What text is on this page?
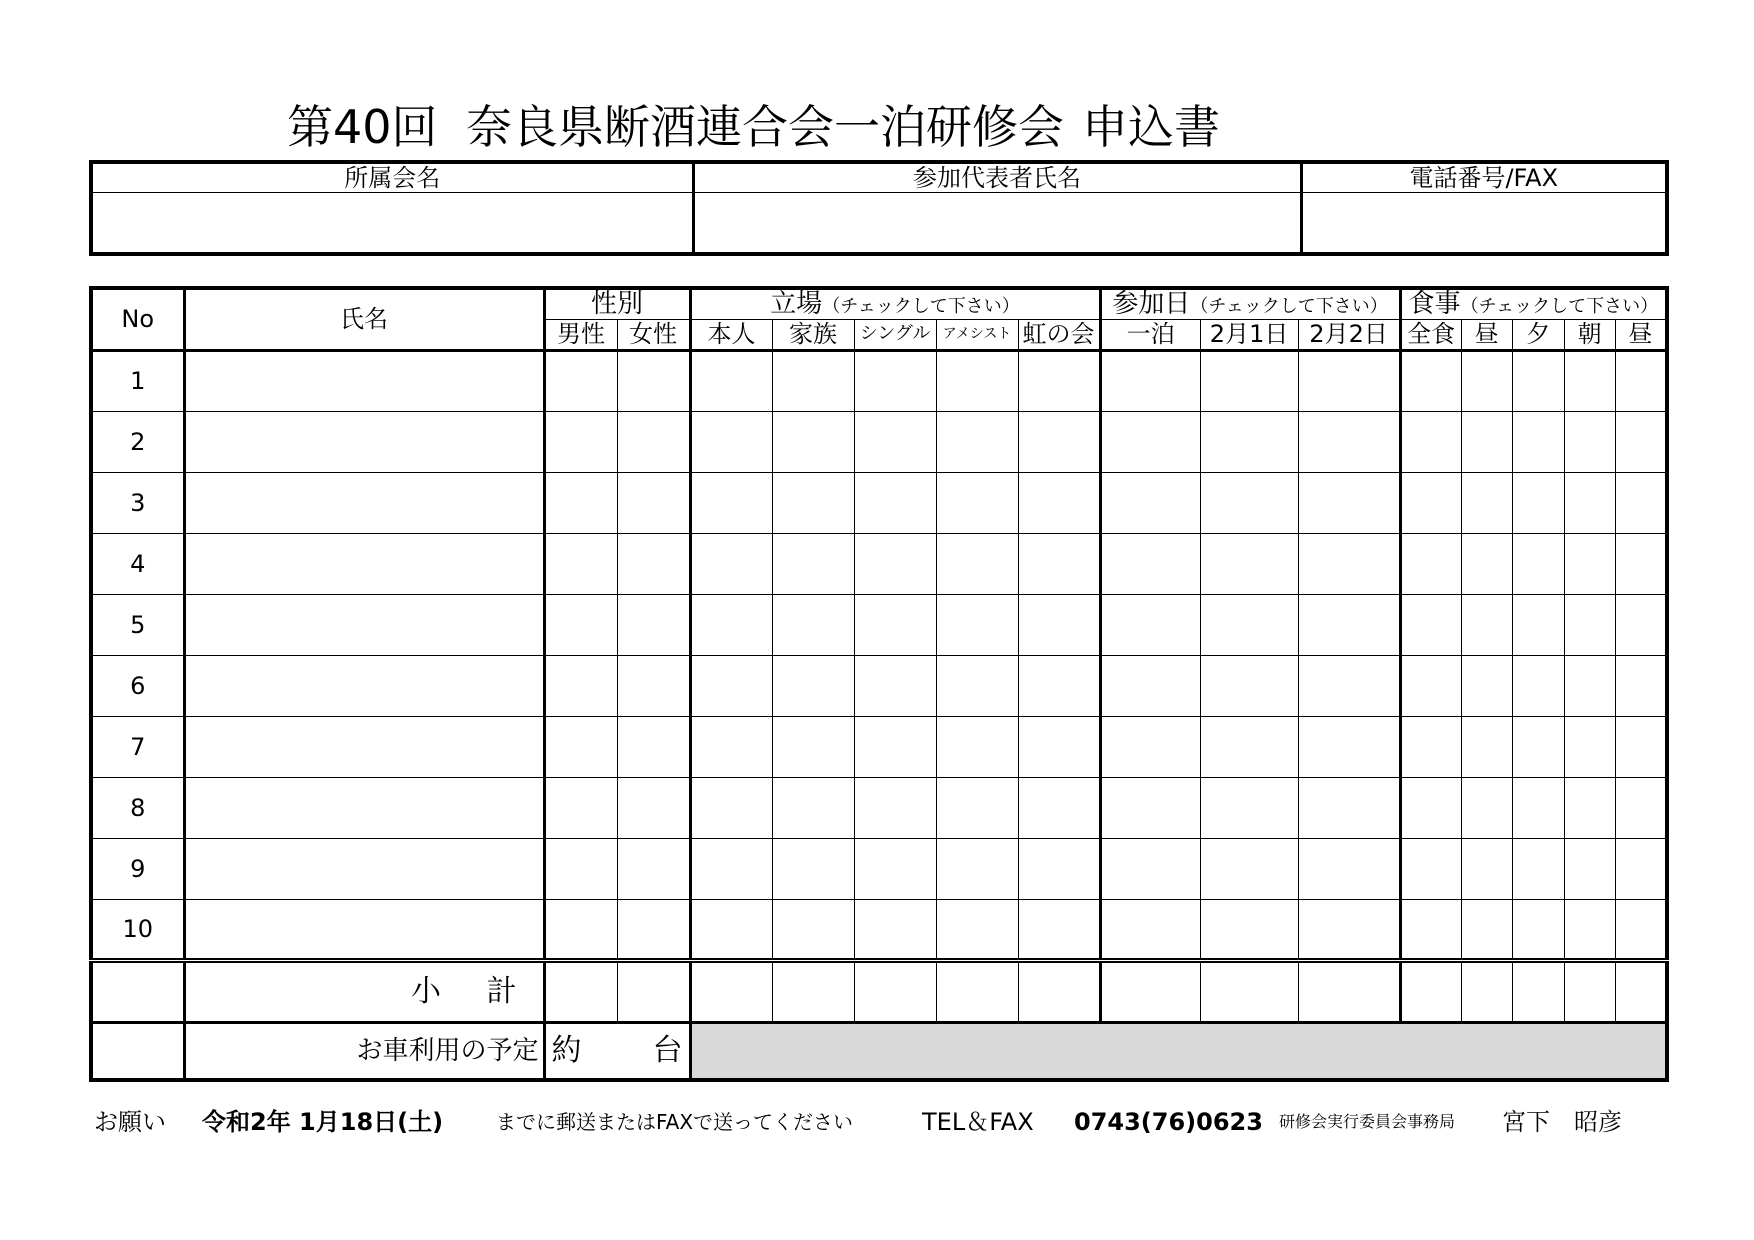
第40回 奈良県断酒連合会一泊研修会 申込書
所属会名	参加代表者氏名	電話番号/FAX

No	氏名	性別		立場（チェックして下さい）					参加日（チェックして下さい）			食事（チェックして下さい）				
		男性	女性	本人	家族	シングル	アメシスト	虹の会	一泊	2月1日	2月2日	全食	昼	夕	朝	昼
1																
2																
3																
4																
5																
6																
7																
8																
9																
10																
	小 計															
	お車利用の予定	約 台														

お願い 令和2年 1月18日(土)	までに郵送またはFAXで送ってください	TEL＆FAX 0743(76)0623 研修会実行委員会事務局 宮下　昭彦
